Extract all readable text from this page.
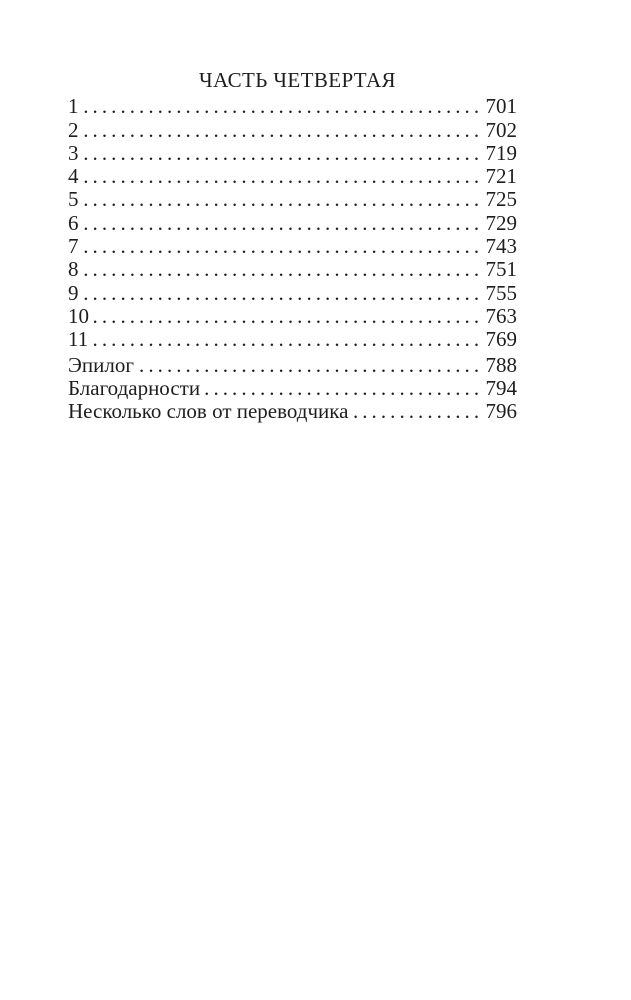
ЧАСТЬ ЧЕТВЕРТАЯ
1 . . .	701
2 . . .	702
3 . . .	719
4 . . .	721
5 . . .	725
6 . . .	729
7 . . .	743
8 . . .	751
9 . . .	755
10 . . .	763
11 . . .	769
Эпилог . . .	788
Благодарности . . .	794
Несколько слов от переводчика . . .	796
